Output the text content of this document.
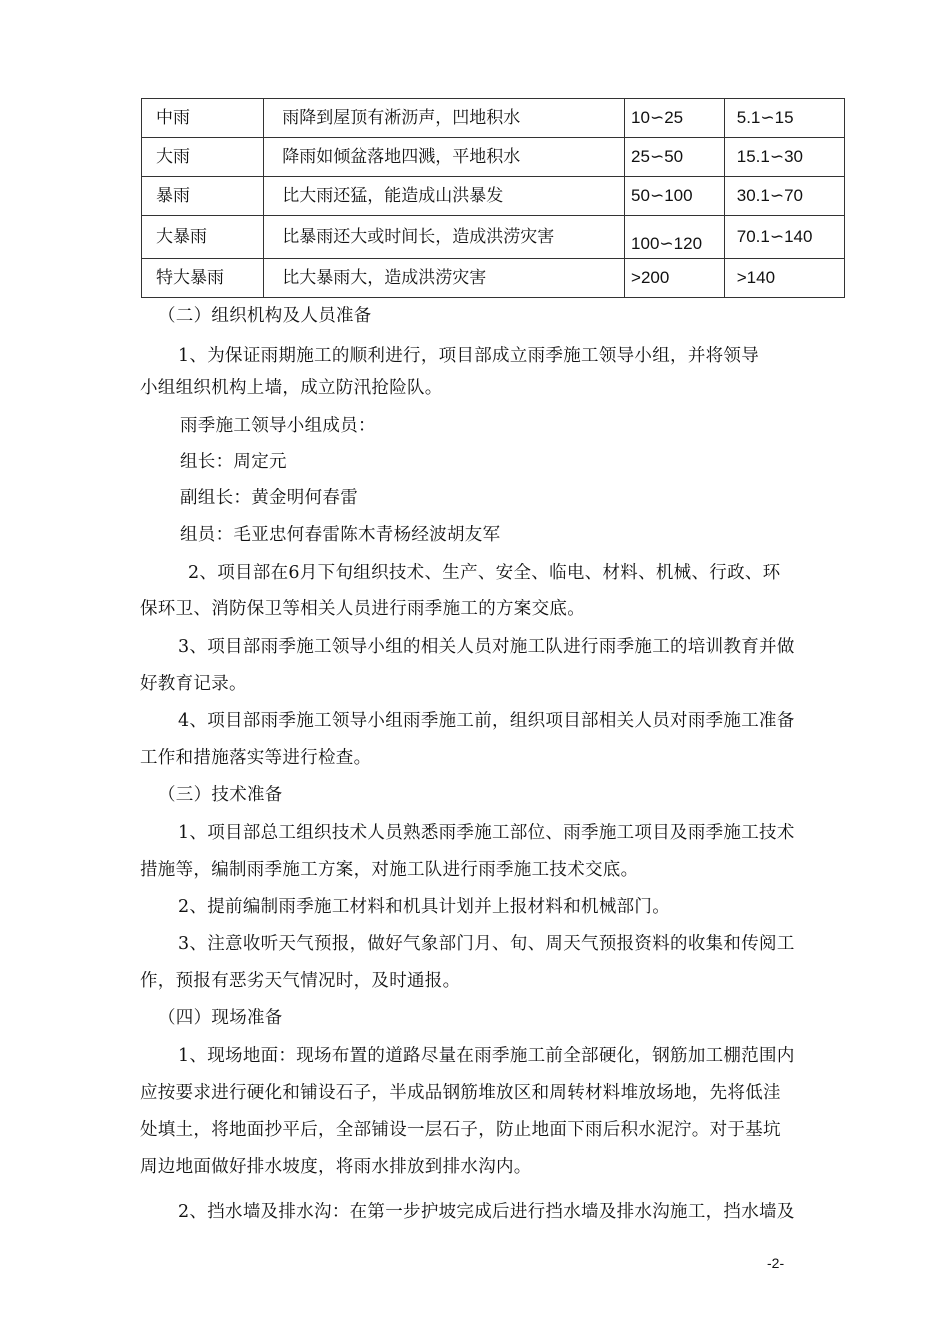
中雨	雨降到屋顶有淅沥声，凹地积水	10∽25	5.1∽15
大雨	降雨如倾盆落地四溅，平地积水	25∽50	15.1∽30
暴雨	比大雨还猛，能造成山洪暴发	50∽100	30.1∽70
大暴雨	比暴雨还大或时间长，造成洪涝灾害	100∽120	70.1∽140
特大暴雨	比大暴雨大，造成洪涝灾害	>200	>140
（二）组织机构及人员准备
1、为保证雨期施工的顺利进行，项目部成立雨季施工领导小组，并将领导
小组组织机构上墙，成立防汛抢险队。
雨季施工领导小组成员：
组长：周定元
副组长：黄金明何春雷
组员：毛亚忠何春雷陈木青杨经波胡友军
2、项目部在6月下旬组织技术、生产、安全、临电、材料、机械、行政、环
保环卫、消防保卫等相关人员进行雨季施工的方案交底。
3、项目部雨季施工领导小组的相关人员对施工队进行雨季施工的培训教育并做
好教育记录。
4、项目部雨季施工领导小组雨季施工前，组织项目部相关人员对雨季施工准备
工作和措施落实等进行检查。
（三）技术准备
1、项目部总工组织技术人员熟悉雨季施工部位、雨季施工项目及雨季施工技术
措施等，编制雨季施工方案，对施工队进行雨季施工技术交底。
2、提前编制雨季施工材料和机具计划并上报材料和机械部门。
3、注意收听天气预报，做好气象部门月、旬、周天气预报资料的收集和传阅工
作，预报有恶劣天气情况时，及时通报。
（四）现场准备
1、现场地面：现场布置的道路尽量在雨季施工前全部硬化，钢筋加工棚范围内
应按要求进行硬化和铺设石子，半成品钢筋堆放区和周转材料堆放场地，先将低洼
处填土，将地面抄平后，全部铺设一层石子，防止地面下雨后积水泥泞。对于基坑
周边地面做好排水坡度，将雨水排放到排水沟内。
2、挡水墙及排水沟：在第一步护坡完成后进行挡水墙及排水沟施工，挡水墙及
-2-
